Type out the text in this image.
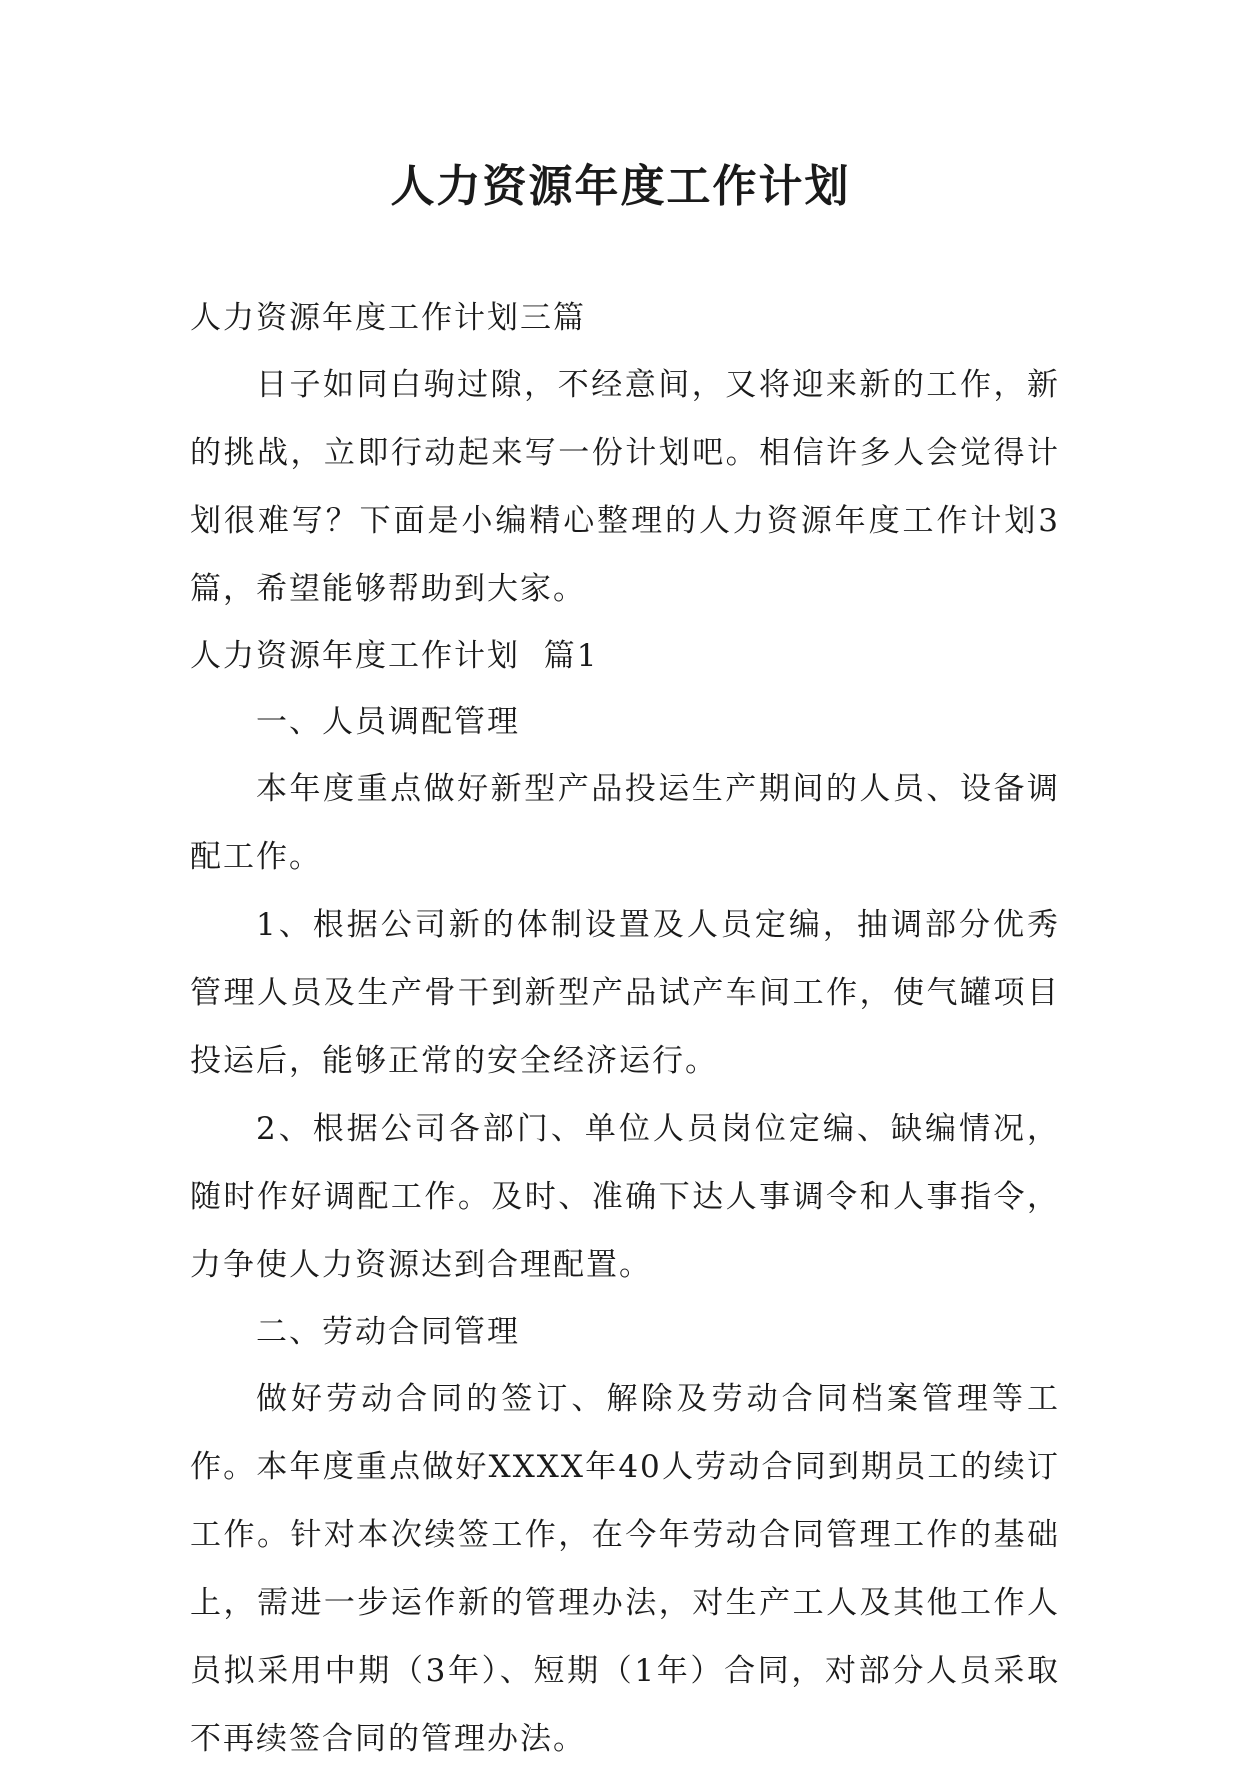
人力资源年度工作计划

人力资源年度工作计划三篇

日子如同白驹过隙，不经意间，又将迎来新的工作，新的挑战，立即行动起来写一份计划吧。相信许多人会觉得计划很难写？下面是小编精心整理的人力资源年度工作计划3篇，希望能够帮助到大家。

人力资源年度工作计划  篇1

一、人员调配管理

本年度重点做好新型产品投运生产期间的人员、设备调配工作。

1、根据公司新的体制设置及人员定编，抽调部分优秀管理人员及生产骨干到新型产品试产车间工作，使气罐项目投运后，能够正常的安全经济运行。

2、根据公司各部门、单位人员岗位定编、缺编情况，随时作好调配工作。及时、准确下达人事调令和人事指令，力争使人力资源达到合理配置。

二、劳动合同管理

做好劳动合同的签订、解除及劳动合同档案管理等工作。本年度重点做好XXXX年40人劳动合同到期员工的续订工作。针对本次续签工作，在今年劳动合同管理工作的基础上，需进一步运作新的管理办法，对生产工人及其他工作人员拟采用中期（3年）、短期（1年）合同，对部分人员采取不再续签合同的管理办法。
